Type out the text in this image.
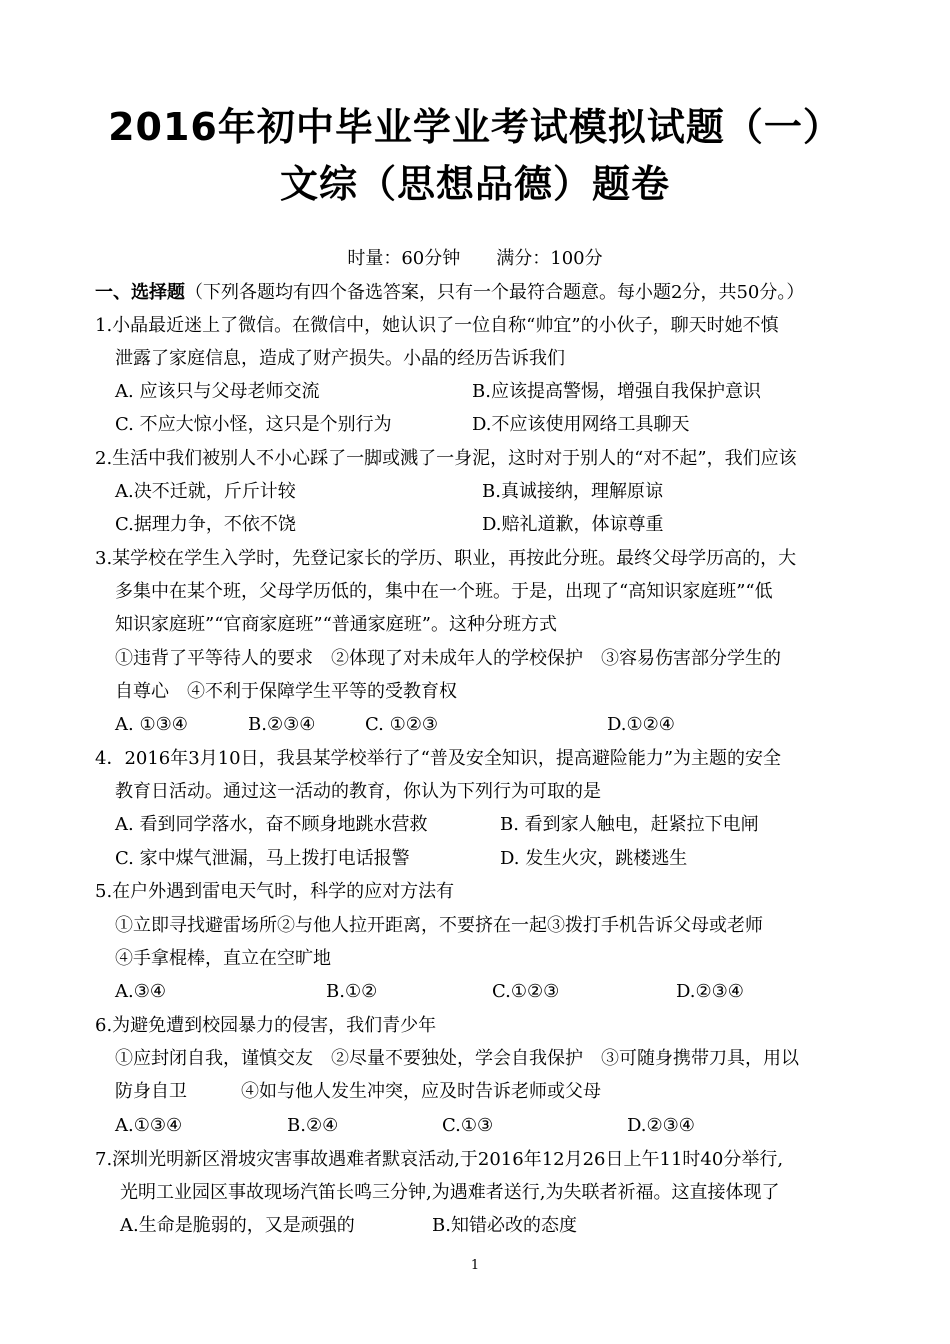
2016年初中毕业学业考试模拟试题（一）
文综（思想品德）题卷
时量：60分钟　　满分：100分
一、选择题（下列各题均有四个备选答案，只有一个最符合题意。每小题2分，共50分。）
1.小晶最近迷上了微信。在微信中，她认识了一位自称“帅宜”的小伙子，聊天时她不慎
泄露了家庭信息，造成了财产损失。小晶的经历告诉我们
A. 应该只与父母老师交流	B.应该提高警惕，增强自我保护意识
C. 不应大惊小怪，这只是个别行为	D.不应该使用网络工具聊天
2.生活中我们被别人不小心踩了一脚或溅了一身泥，这时对于别人的“对不起”，我们应该
A.决不迁就，斤斤计较	B.真诚接纳，理解原谅
C.据理力争，不依不饶	D.赔礼道歉，体谅尊重
3.某学校在学生入学时，先登记家长的学历、职业，再按此分班。最终父母学历高的，大
多集中在某个班，父母学历低的，集中在一个班。于是，出现了“高知识家庭班”“低
知识家庭班”“官商家庭班”“普通家庭班”。这种分班方式
①违背了平等待人的要求　②体现了对未成年人的学校保护　③容易伤害部分学生的
自尊心　④不利于保障学生平等的受教育权
A. ①③④	B.②③④	C. ①②③	D.①②④
4．2016年3月10日，我县某学校举行了“普及安全知识，提高避险能力”为主题的安全
教育日活动。通过这一活动的教育，你认为下列行为可取的是
A. 看到同学落水，奋不顾身地跳水营救	B. 看到家人触电，赶紧拉下电闸
C. 家中煤气泄漏，马上拨打电话报警	D. 发生火灾，跳楼逃生
5.在户外遇到雷电天气时，科学的应对方法有
①立即寻找避雷场所②与他人拉开距离，不要挤在一起③拨打手机告诉父母或老师
④手拿棍棒，直立在空旷地
A.③④	B.①②	C.①②③	D.②③④
6.为避免遭到校园暴力的侵害，我们青少年
①应封闭自我，谨慎交友　②尽量不要独处，学会自我保护　③可随身携带刀具，用以
防身自卫　　　④如与他人发生冲突，应及时告诉老师或父母
A.①③④	B.②④	C.①③	D.②③④
7.深圳光明新区滑坡灾害事故遇难者默哀活动,于2016年12月26日上午11时40分举行,
光明工业园区事故现场汽笛长鸣三分钟,为遇难者送行,为失联者祈福。这直接体现了
A.生命是脆弱的，又是顽强的	B.知错必改的态度
1
